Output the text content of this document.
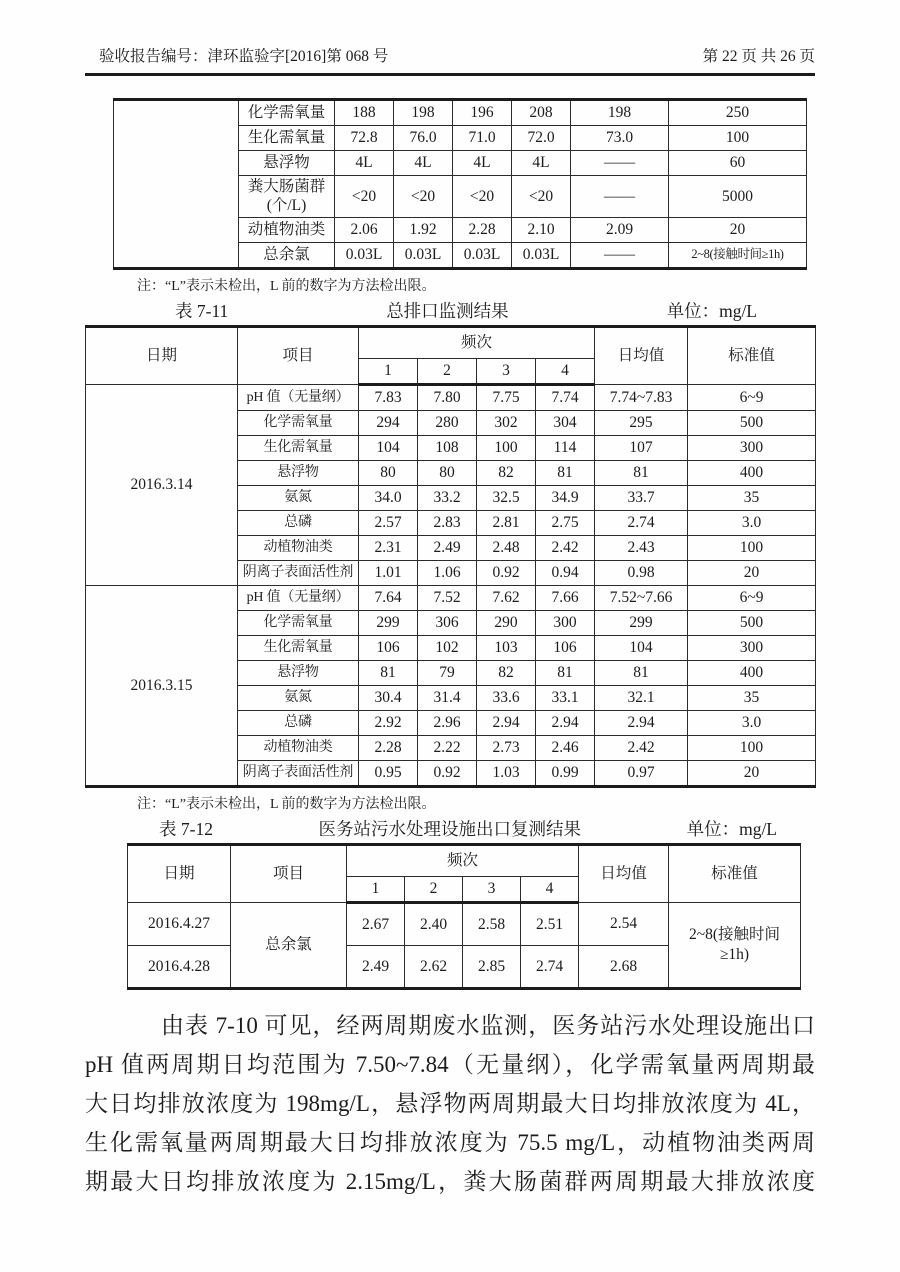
验收报告编号：津环监验字[2016]第 068 号	第 22 页 共 26 页
	化学需氧量	188	198	196	208	198	250
	生化需氧量	72.8	76.0	71.0	72.0	73.0	100
	悬浮物	4L	4L	4L	4L	——	60
	粪大肠菌群(个/L)	<20	<20	<20	<20	——	5000
	动植物油类	2.06	1.92	2.28	2.10	2.09	20
	总余氯	0.03L	0.03L	0.03L	0.03L	——	2~8(接触时间≥1h)
注：“L”表示未检出，L 前的数字为方法检出限。
表 7-11	总排口监测结果	单位：mg/L
日期	项目	频次				日均值	标准值
		1	2	3	4		
2016.3.14	pH 值（无量纲）	7.83	7.80	7.75	7.74	7.74~7.83	6~9
	化学需氧量	294	280	302	304	295	500
	生化需氧量	104	108	100	114	107	300
	悬浮物	80	80	82	81	81	400
	氨氮	34.0	33.2	32.5	34.9	33.7	35
	总磷	2.57	2.83	2.81	2.75	2.74	3.0
	动植物油类	2.31	2.49	2.48	2.42	2.43	100
	阴离子表面活性剂	1.01	1.06	0.92	0.94	0.98	20
2016.3.15	pH 值（无量纲）	7.64	7.52	7.62	7.66	7.52~7.66	6~9
	化学需氧量	299	306	290	300	299	500
	生化需氧量	106	102	103	106	104	300
	悬浮物	81	79	82	81	81	400
	氨氮	30.4	31.4	33.6	33.1	32.1	35
	总磷	2.92	2.96	2.94	2.94	2.94	3.0
	动植物油类	2.28	2.22	2.73	2.46	2.42	100
	阴离子表面活性剂	0.95	0.92	1.03	0.99	0.97	20
注：“L”表示未检出，L 前的数字为方法检出限。
表 7-12	医务站污水处理设施出口复测结果	单位：mg/L
日期	项目	频次				日均值	标准值
		1	2	3	4		
2016.4.27	总余氯	2.67	2.40	2.58	2.51	2.54	2~8(接触时间≥1h)
2016.4.28		2.49	2.62	2.85	2.74	2.68	
由表 7-10 可见，经两周期废水监测，医务站污水处理设施出口
pH 值两周期日均范围为 7.50~7.84（无量纲），化学需氧量两周期最
大日均排放浓度为 198mg/L，悬浮物两周期最大日均排放浓度为 4L，
生化需氧量两周期最大日均排放浓度为 75.5 mg/L，动植物油类两周
期最大日均排放浓度为 2.15mg/L，粪大肠菌群两周期最大排放浓度
